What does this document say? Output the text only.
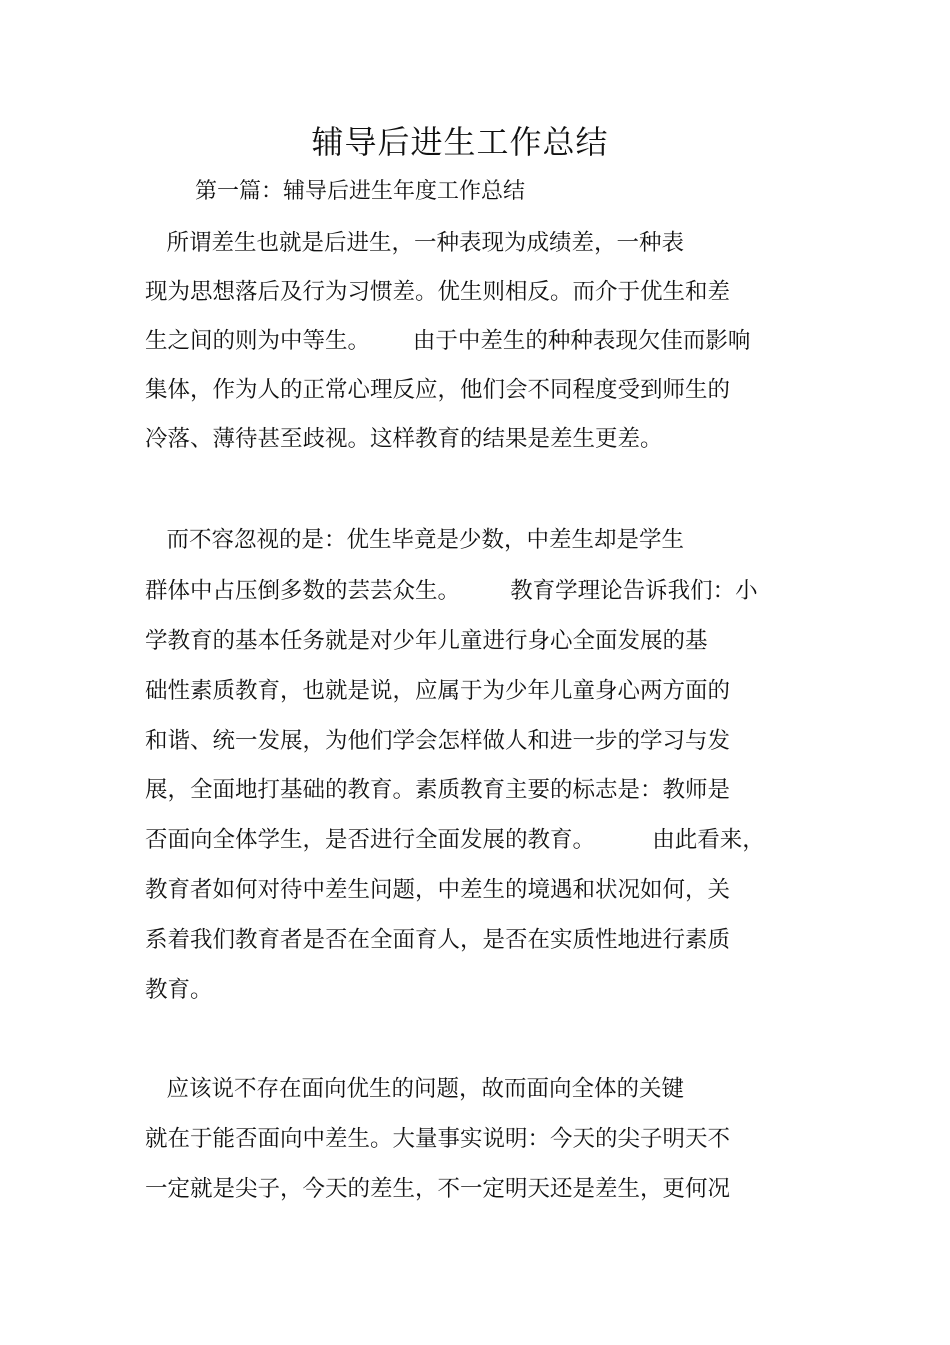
辅导后进生工作总结
第一篇：辅导后进生年度工作总结
所谓差生也就是后进生，一种表现为成绩差，一种表
现为思想落后及行为习惯差。优生则相反。而介于优生和差
生之间的则为中等生。      由于中差生的种种表现欠佳而影响
集体，作为人的正常心理反应，他们会不同程度受到师生的
冷落、薄待甚至歧视。这样教育的结果是差生更差。
而不容忽视的是：优生毕竟是少数，中差生却是学生
群体中占压倒多数的芸芸众生。       教育学理论告诉我们：小
学教育的基本任务就是对少年儿童进行身心全面发展的基
础性素质教育，也就是说，应属于为少年儿童身心两方面的
和谐、统一发展，为他们学会怎样做人和进一步的学习与发
展，全面地打基础的教育。素质教育主要的标志是：教师是
否面向全体学生，是否进行全面发展的教育。        由此看来，
教育者如何对待中差生问题，中差生的境遇和状况如何，关
系着我们教育者是否在全面育人，是否在实质性地进行素质
教育。
应该说不存在面向优生的问题，故而面向全体的关键
就在于能否面向中差生。大量事实说明：今天的尖子明天不
一定就是尖子，今天的差生，不一定明天还是差生，更何况
